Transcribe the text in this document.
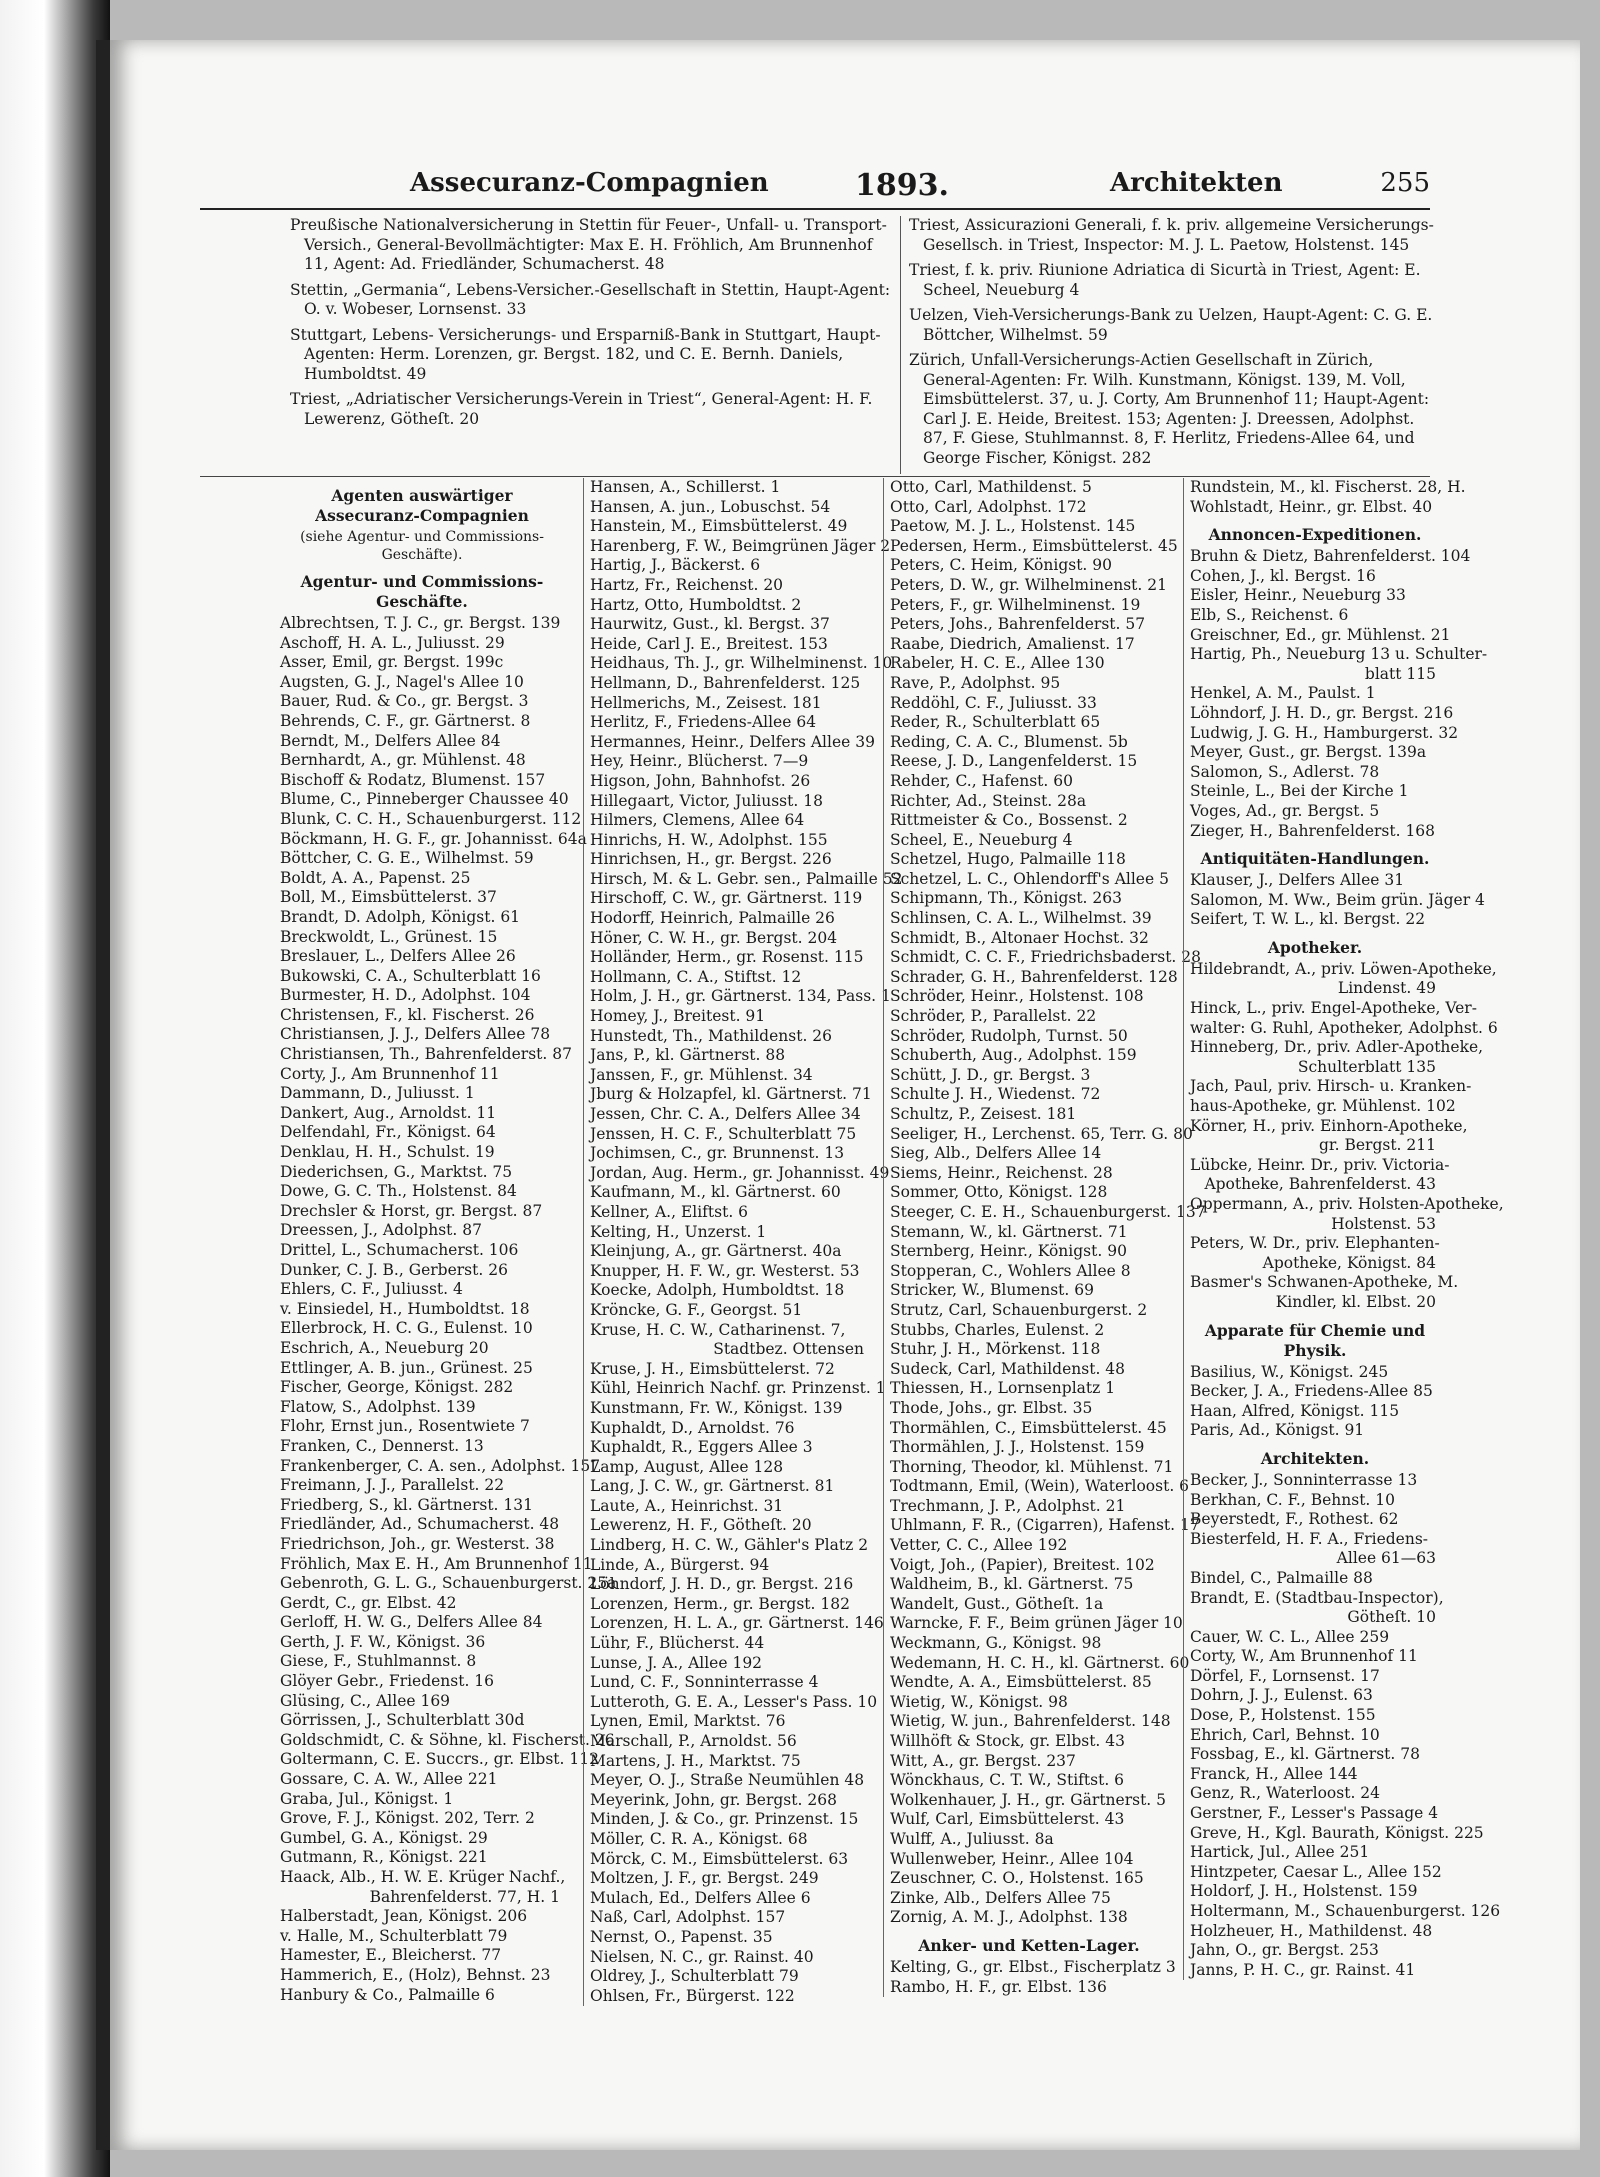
Assecuranz-Compagnien	1893.	Architekten	255
Preußische Nationalversicherung in Stettin für Feuer-, Unfall- u. Transport-Versich., General-Bevollmächtigter: Max E. H. Fröhlich, Am Brunnenhof 11, Agent: Ad. Friedländer, Schumacherst. 48
Stettin, „Germania“, Lebens-Versicher.-Gesellschaft in Stettin, Haupt-Agent: O. v. Wobeser, Lornsenst. 33
Stuttgart, Lebens- Versicherungs- und Ersparniß-Bank in Stuttgart, Haupt-Agenten: Herm. Lorenzen, gr. Bergst. 182, und C. E. Bernh. Daniels, Humboldtst. 49
Triest, „Adriatischer Versicherungs-Verein in Triest“, General-Agent: H. F. Lewerenz, Götheſt. 20
Triest, Assicurazioni Generali, f. k. priv. allgemeine Versicherungs-Gesellsch. in Triest, Inspector: M. J. L. Paetow, Holstenst. 145
Triest, f. k. priv. Riunione Adriatica di Sicurtà in Triest, Agent: E. Scheel, Neueburg 4
Uelzen, Vieh-Versicherungs-Bank zu Uelzen, Haupt-Agent: C. G. E. Böttcher, Wilhelmst. 59
Zürich, Unfall-Versicherungs-Actien Gesellschaft in Zürich, General-Agenten: Fr. Wilh. Kunstmann, Königst. 139, M. Voll, Eimsbüttelerst. 37, u. J. Corty, Am Brunnenhof 11; Haupt-Agent: Carl J. E. Heide, Breitest. 153; Agenten: J. Dreessen, Adolphst. 87, F. Giese, Stuhlmannst. 8, F. Herlitz, Friedens-Allee 64, und George Fischer, Königst. 282
Agenten auswärtiger Assecuranz-Compagnien
(siehe Agentur- und Commissions-Geschäfte).
Agentur- und Commissions-Geschäfte.
Albrechtsen, T. J. C., gr. Bergst. 139
Aschoff, H. A. L., Juliusst. 29
Asser, Emil, gr. Bergst. 199c
Augsten, G. J., Nagel's Allee 10
Bauer, Rud. & Co., gr. Bergst. 3
Behrends, C. F., gr. Gärtnerst. 8
Berndt, M., Delfers Allee 84
Bernhardt, A., gr. Mühlenst. 48
Bischoff & Rodatz, Blumenst. 157
Blume, C., Pinneberger Chaussee 40
Blunk, C. C. H., Schauenburgerst. 112
Böckmann, H. G. F., gr. Johannisst. 64a
Böttcher, C. G. E., Wilhelmst. 59
Boldt, A. A., Papenst. 25
Boll, M., Eimsbüttelerst. 37
Brandt, D. Adolph, Königst. 61
Breckwoldt, L., Grünest. 15
Breslauer, L., Delfers Allee 26
Bukowski, C. A., Schulterblatt 16
Burmester, H. D., Adolphst. 104
Christensen, F., kl. Fischerst. 26
Christiansen, J. J., Delfers Allee 78
Christiansen, Th., Bahrenfelderst. 87
Corty, J., Am Brunnenhof 11
Dammann, D., Juliusst. 1
Dankert, Aug., Arnoldst. 11
Delfendahl, Fr., Königst. 64
Denklau, H. H., Schulst. 19
Diederichsen, G., Marktst. 75
Dowe, G. C. Th., Holstenst. 84
Drechsler & Horst, gr. Bergst. 87
Dreessen, J., Adolphst. 87
Drittel, L., Schumacherst. 106
Dunker, C. J. B., Gerberst. 26
Ehlers, C. F., Juliusst. 4
v. Einsiedel, H., Humboldtst. 18
Ellerbrock, H. C. G., Eulenst. 10
Eschrich, A., Neueburg 20
Ettlinger, A. B. jun., Grünest. 25
Fischer, George, Königst. 282
Flatow, S., Adolphst. 139
Flohr, Ernst jun., Rosentwiete 7
Franken, C., Dennerst. 13
Frankenberger, C. A. sen., Adolphst. 157
Freimann, J. J., Parallelst. 22
Friedberg, S., kl. Gärtnerst. 131
Friedländer, Ad., Schumacherst. 48
Friedrichson, Joh., gr. Westerst. 38
Fröhlich, Max E. H., Am Brunnenhof 11
Gebenroth, G. L. G., Schauenburgerst. 25a
Gerdt, C., gr. Elbst. 42
Gerloff, H. W. G., Delfers Allee 84
Gerth, J. F. W., Königst. 36
Giese, F., Stuhlmannst. 8
Glöyer Gebr., Friedenst. 16
Glüsing, C., Allee 169
Görrissen, J., Schulterblatt 30d
Goldschmidt, C. & Söhne, kl. Fischerst. 26
Goltermann, C. E. Succrs., gr. Elbst. 112
Gossare, C. A. W., Allee 221
Graba, Jul., Königst. 1
Grove, F. J., Königst. 202, Terr. 2
Gumbel, G. A., Königst. 29
Gutmann, R., Königst. 221
Haack, Alb., H. W. E. Krüger Nachf.,
Bahrenfelderst. 77, H. 1
Halberstadt, Jean, Königst. 206
v. Halle, M., Schulterblatt 79
Hamester, E., Bleicherst. 77
Hammerich, E., (Holz), Behnst. 23
Hanbury & Co., Palmaille 6
Hansen, A., Schillerst. 1
Hansen, A. jun., Lobuschst. 54
Hanstein, M., Eimsbüttelerst. 49
Harenberg, F. W., Beimgrünen Jäger 2
Hartig, J., Bäckerst. 6
Hartz, Fr., Reichenst. 20
Hartz, Otto, Humboldtst. 2
Haurwitz, Gust., kl. Bergst. 37
Heide, Carl J. E., Breitest. 153
Heidhaus, Th. J., gr. Wilhelminenst. 10
Hellmann, D., Bahrenfelderst. 125
Hellmerichs, M., Zeisest. 181
Herlitz, F., Friedens-Allee 64
Hermannes, Heinr., Delfers Allee 39
Hey, Heinr., Blücherst. 7—9
Higson, John, Bahnhofst. 26
Hillegaart, Victor, Juliusst. 18
Hilmers, Clemens, Allee 64
Hinrichs, H. W., Adolphst. 155
Hinrichsen, H., gr. Bergst. 226
Hirsch, M. & L. Gebr. sen., Palmaille 52
Hirschoff, C. W., gr. Gärtnerst. 119
Hodorff, Heinrich, Palmaille 26
Höner, C. W. H., gr. Bergst. 204
Holländer, Herm., gr. Rosenst. 115
Hollmann, C. A., Stiftst. 12
Holm, J. H., gr. Gärtnerst. 134, Pass. 1
Homey, J., Breitest. 91
Hunstedt, Th., Mathildenst. 26
Jans, P., kl. Gärtnerst. 88
Janssen, F., gr. Mühlenst. 34
Jburg & Holzapfel, kl. Gärtnerst. 71
Jessen, Chr. C. A., Delfers Allee 34
Jenssen, H. C. F., Schulterblatt 75
Jochimsen, C., gr. Brunnenst. 13
Jordan, Aug. Herm., gr. Johannisst. 49
Kaufmann, M., kl. Gärtnerst. 60
Kellner, A., Eliftst. 6
Kelting, H., Unzerst. 1
Kleinjung, A., gr. Gärtnerst. 40a
Knupper, H. F. W., gr. Westerst. 53
Koecke, Adolph, Humboldtst. 18
Kröncke, G. F., Georgst. 51
Kruse, H. C. W., Catharinenst. 7,
Stadtbez. Ottensen
Kruse, J. H., Eimsbüttelerst. 72
Kühl, Heinrich Nachf. gr. Prinzenst. 1
Kunstmann, Fr. W., Königst. 139
Kuphaldt, D., Arnoldst. 76
Kuphaldt, R., Eggers Allee 3
Lamp, August, Allee 128
Lang, J. C. W., gr. Gärtnerst. 81
Laute, A., Heinrichst. 31
Lewerenz, H. F., Götheſt. 20
Lindberg, H. C. W., Gähler's Platz 2
Linde, A., Bürgerst. 94
Löhndorf, J. H. D., gr. Bergst. 216
Lorenzen, Herm., gr. Bergst. 182
Lorenzen, H. L. A., gr. Gärtnerst. 146
Lühr, F., Blücherst. 44
Lunse, J. A., Allee 192
Lund, C. F., Sonninterrasse 4
Lutteroth, G. E. A., Lesser's Pass. 10
Lynen, Emil, Marktst. 76
Marschall, P., Arnoldst. 56
Martens, J. H., Marktst. 75
Meyer, O. J., Straße Neumühlen 48
Meyerink, John, gr. Bergst. 268
Minden, J. & Co., gr. Prinzenst. 15
Möller, C. R. A., Königst. 68
Mörck, C. M., Eimsbüttelerst. 63
Moltzen, J. F., gr. Bergst. 249
Mulach, Ed., Delfers Allee 6
Naß, Carl, Adolphst. 157
Nernst, O., Papenst. 35
Nielsen, N. C., gr. Rainst. 40
Oldrey, J., Schulterblatt 79
Ohlsen, Fr., Bürgerst. 122
Otto, Carl, Mathildenst. 5
Otto, Carl, Adolphst. 172
Paetow, M. J. L., Holstenst. 145
Pedersen, Herm., Eimsbüttelerst. 45
Peters, C. Heim, Königst. 90
Peters, D. W., gr. Wilhelminenst. 21
Peters, F., gr. Wilhelminenst. 19
Peters, Johs., Bahrenfelderst. 57
Raabe, Diedrich, Amalienst. 17
Rabeler, H. C. E., Allee 130
Rave, P., Adolphst. 95
Reddöhl, C. F., Juliusst. 33
Reder, R., Schulterblatt 65
Reding, C. A. C., Blumenst. 5b
Reese, J. D., Langenfelderst. 15
Rehder, C., Hafenst. 60
Richter, Ad., Steinst. 28a
Rittmeister & Co., Bossenst. 2
Scheel, E., Neueburg 4
Schetzel, Hugo, Palmaille 118
Schetzel, L. C., Ohlendorff's Allee 5
Schipmann, Th., Königst. 263
Schlinsen, C. A. L., Wilhelmst. 39
Schmidt, B., Altonaer Hochst. 32
Schmidt, C. C. F., Friedrichsbaderst. 28
Schrader, G. H., Bahrenfelderst. 128
Schröder, Heinr., Holstenst. 108
Schröder, P., Parallelst. 22
Schröder, Rudolph, Turnst. 50
Schuberth, Aug., Adolphst. 159
Schütt, J. D., gr. Bergst. 3
Schulte J. H., Wiedenst. 72
Schultz, P., Zeisest. 181
Seeliger, H., Lerchenst. 65, Terr. G. 80
Sieg, Alb., Delfers Allee 14
Siems, Heinr., Reichenst. 28
Sommer, Otto, Königst. 128
Steeger, C. E. H., Schauenburgerst. 137
Stemann, W., kl. Gärtnerst. 71
Sternberg, Heinr., Königst. 90
Stopperan, C., Wohlers Allee 8
Stricker, W., Blumenst. 69
Strutz, Carl, Schauenburgerst. 2
Stubbs, Charles, Eulenst. 2
Stuhr, J. H., Mörkenst. 118
Sudeck, Carl, Mathildenst. 48
Thiessen, H., Lornsenplatz 1
Thode, Johs., gr. Elbst. 35
Thormählen, C., Eimsbüttelerst. 45
Thormählen, J. J., Holstenst. 159
Thorning, Theodor, kl. Mühlenst. 71
Todtmann, Emil, (Wein), Waterloost. 6
Trechmann, J. P., Adolphst. 21
Uhlmann, F. R., (Cigarren), Hafenst. 17
Vetter, C. C., Allee 192
Voigt, Joh., (Papier), Breitest. 102
Waldheim, B., kl. Gärtnerst. 75
Wandelt, Gust., Götheſt. 1a
Warncke, F. F., Beim grünen Jäger 10
Weckmann, G., Königst. 98
Wedemann, H. C. H., kl. Gärtnerst. 60
Wendte, A. A., Eimsbüttelerst. 85
Wietig, W., Königst. 98
Wietig, W. jun., Bahrenfelderst. 148
Willhöft & Stock, gr. Elbst. 43
Witt, A., gr. Bergst. 237
Wönckhaus, C. T. W., Stiftst. 6
Wolkenhauer, J. H., gr. Gärtnerst. 5
Wulf, Carl, Eimsbüttelerst. 43
Wulff, A., Juliusst. 8a
Wullenweber, Heinr., Allee 104
Zeuschner, C. O., Holstenst. 165
Zinke, Alb., Delfers Allee 75
Zornig, A. M. J., Adolphst. 138
Anker- und Ketten-Lager.
Kelting, G., gr. Elbst., Fischerplatz 3
Rambo, H. F., gr. Elbst. 136
Rundstein, M., kl. Fischerst. 28, H.
Wohlstadt, Heinr., gr. Elbst. 40
Annoncen-Expeditionen.
Bruhn & Dietz, Bahrenfelderst. 104
Cohen, J., kl. Bergst. 16
Eisler, Heinr., Neueburg 33
Elb, S., Reichenst. 6
Greischner, Ed., gr. Mühlenst. 21
Hartig, Ph., Neueburg 13 u. Schulter-
blatt 115
Henkel, A. M., Paulst. 1
Löhndorf, J. H. D., gr. Bergst. 216
Ludwig, J. G. H., Hamburgerst. 32
Meyer, Gust., gr. Bergst. 139a
Salomon, S., Adlerst. 78
Steinle, L., Bei der Kirche 1
Voges, Ad., gr. Bergst. 5
Zieger, H., Bahrenfelderst. 168
Antiquitäten-Handlungen.
Klauser, J., Delfers Allee 31
Salomon, M. Ww., Beim grün. Jäger 4
Seifert, T. W. L., kl. Bergst. 22
Apotheker.
Hildebrandt, A., priv. Löwen-Apotheke,
Lindenst. 49
Hinck, L., priv. Engel-Apotheke, Ver-
walter: G. Ruhl, Apotheker, Adolphst. 6
Hinneberg, Dr., priv. Adler-Apotheke,
Schulterblatt 135
Jach, Paul, priv. Hirsch- u. Kranken-
haus-Apotheke, gr. Mühlenst. 102
Körner, H., priv. Einhorn-Apotheke,
gr. Bergst. 211
Lübcke, Heinr. Dr., priv. Victoria-
Apotheke, Bahrenfelderst. 43
Oppermann, A., priv. Holsten-Apotheke,
Holstenst. 53
Peters, W. Dr., priv. Elephanten-
Apotheke, Königst. 84
Basmer's Schwanen-Apotheke, M.
Kindler, kl. Elbst. 20
Apparate für Chemie und Physik.
Basilius, W., Königst. 245
Becker, J. A., Friedens-Allee 85
Haan, Alfred, Königst. 115
Paris, Ad., Königst. 91
Architekten.
Becker, J., Sonninterrasse 13
Berkhan, C. F., Behnst. 10
Beyerstedt, F., Rothest. 62
Biesterfeld, H. F. A., Friedens-
Allee 61—63
Bindel, C., Palmaille 88
Brandt, E. (Stadtbau-Inspector),
Götheſt. 10
Cauer, W. C. L., Allee 259
Corty, W., Am Brunnenhof 11
Dörfel, F., Lornsenst. 17
Dohrn, J. J., Eulenst. 63
Dose, P., Holstenst. 155
Ehrich, Carl, Behnst. 10
Fossbag, E., kl. Gärtnerst. 78
Franck, H., Allee 144
Genz, R., Waterloost. 24
Gerstner, F., Lesser's Passage 4
Greve, H., Kgl. Baurath, Königst. 225
Hartick, Jul., Allee 251
Hintzpeter, Caesar L., Allee 152
Holdorf, J. H., Holstenst. 159
Holtermann, M., Schauenburgerst. 126
Holzheuer, H., Mathildenst. 48
Jahn, O., gr. Bergst. 253
Janns, P. H. C., gr. Rainst. 41
